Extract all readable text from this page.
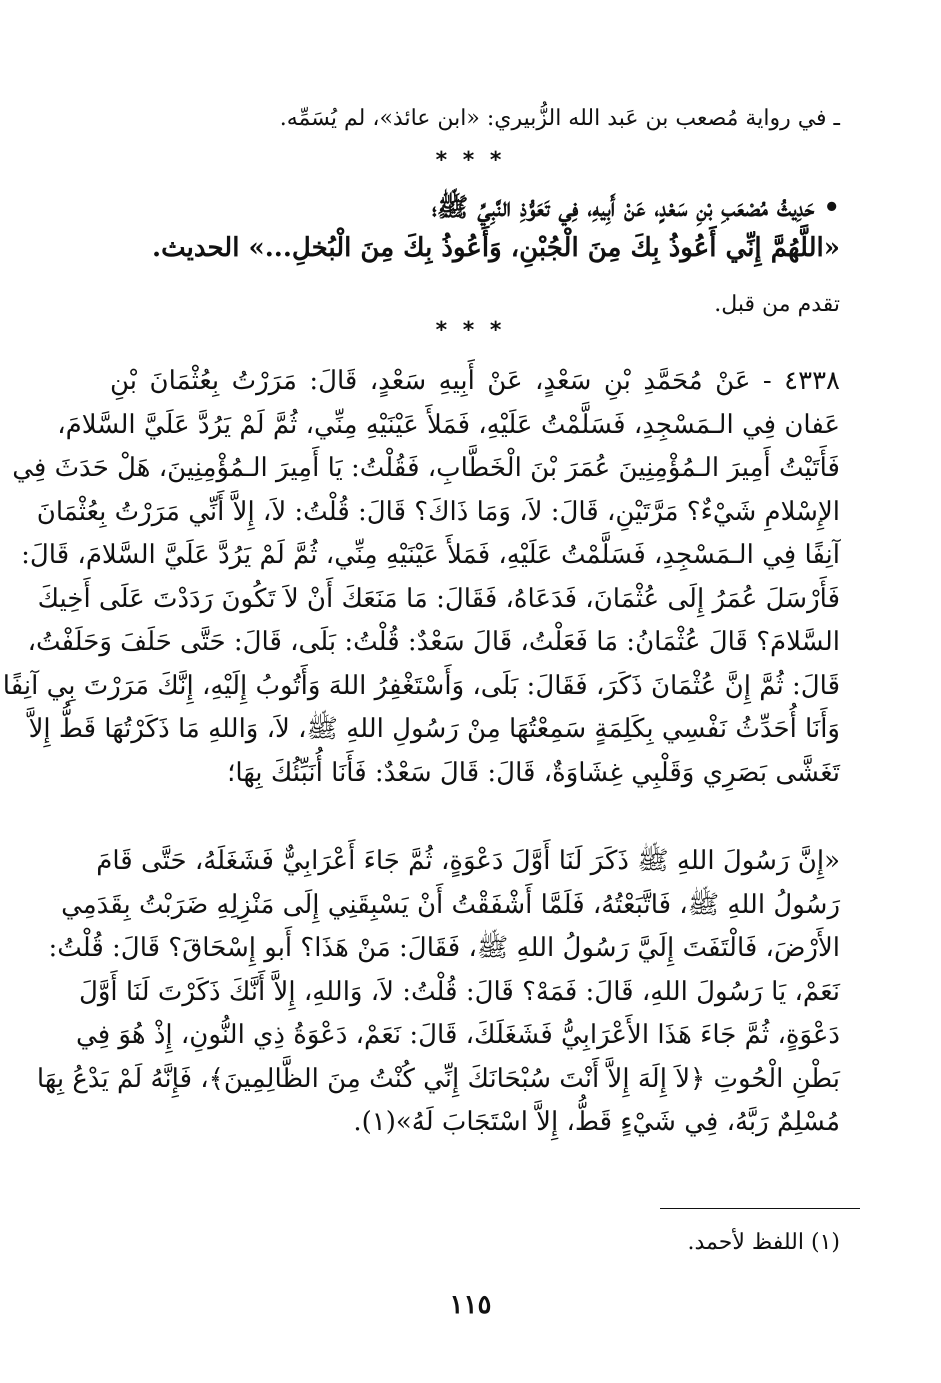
ـ في رواية مُصعب بن عَبد الله الزُّبيري: «ابن عائذ»، لم يُسَمِّه.
* * *
• حَدِيثُ مُصْعَبِ بْنِ سَعْدٍ، عَنْ أَبِيهِ، فِي تَعَوُّذِ النَّبِيِّ ﷺ؛
«اللَّهُمَّ إِنِّي أَعُوذُ بِكَ مِنَ الْجُبْنِ، وَأَعُوذُ بِكَ مِنَ الْبُخلِ...» الحديث.
تقدم من قبل.
* * *
٤٣٣٨ - عَنْ مُحَمَّدِ بْنِ سَعْدٍ، عَنْ أَبِيهِ سَعْدٍ، قَالَ: مَرَرْتُ بِعُثْمَانَ بْنِ
عَفان فِي الـمَسْجِدِ، فَسَلَّمْتُ عَلَيْهِ، فَمَلأَ عَيْنَيْهِ مِنِّي، ثُمَّ لَمْ يَرُدَّ عَلَيَّ السَّلامَ،
فَأَتَيْتُ أَمِيرَ الـمُؤْمِنِينَ عُمَرَ بْنَ الْخَطَّابِ، فَقُلْتُ: يَا أَمِيرَ الـمُؤْمِنِينَ، هَلْ حَدَثَ فِي
الإِسْلامِ شَيْءٌ؟ مَرَّتَيْنِ، قَالَ: لاَ، وَمَا ذَاكَ؟ قَالَ: قُلْتُ: لاَ، إِلاَّ أَنِّي مَرَرْتُ بِعُثْمَانَ
آنِفًا فِي الـمَسْجِدِ، فَسَلَّمْتُ عَلَيْهِ، فَمَلأَ عَيْنَيْهِ مِنِّي، ثُمَّ لَمْ يَرُدَّ عَلَيَّ السَّلامَ، قَالَ:
فَأَرْسَلَ عُمَرُ إِلَى عُثْمَانَ، فَدَعَاهُ، فَقَالَ: مَا مَنَعَكَ أَنْ لاَ تَكُونَ رَدَدْتَ عَلَى أَخِيكَ
السَّلامَ؟ قَالَ عُثْمَانُ: مَا فَعَلْتُ، قَالَ سَعْدٌ: قُلْتُ: بَلَى، قَالَ: حَتَّى حَلَفَ وَحَلَفْتُ،
قَالَ: ثُمَّ إِنَّ عُثْمَانَ ذَكَرَ، فَقَالَ: بَلَى، وَأَسْتَغْفِرُ اللهَ وَأَتُوبُ إِلَيْهِ، إِنَّكَ مَرَرْتَ بِي آنِفًا
وَأَنَا أُحَدِّثُ نَفْسِي بِكَلِمَةٍ سَمِعْتُهَا مِنْ رَسُولِ اللهِ ﷺ، لاَ، وَاللهِ مَا ذَكَرْتُهَا قَطُّ إِلاَّ
تَغَشَّى بَصَرِي وَقَلْبِي غِشَاوَةٌ، قَالَ: قَالَ سَعْدٌ: فَأَنَا أُنَبِّئُكَ بِهَا؛
«إِنَّ رَسُولَ اللهِ ﷺ ذَكَرَ لَنَا أَوَّلَ دَعْوَةٍ، ثُمَّ جَاءَ أَعْرَابِيٌّ فَشَغَلَهُ، حَتَّى قَامَ
رَسُولُ اللهِ ﷺ، فَاتَّبَعْتُهُ، فَلَمَّا أَشْفَقْتُ أَنْ يَسْبِقَنِي إِلَى مَنْزِلِهِ ضَرَبْتُ بِقَدَمِي
الأَرْضَ، فَالْتَفَتَ إِلَيَّ رَسُولُ اللهِ ﷺ، فَقَالَ: مَنْ هَذَا؟ أَبو إِسْحَاقَ؟ قَالَ: قُلْتُ:
نَعَمْ، يَا رَسُولَ اللهِ، قَالَ: فَمَهْ؟ قَالَ: قُلْتُ: لاَ، وَاللهِ، إِلاَّ أَنَّكَ ذَكَرْتَ لَنَا أَوَّلَ
دَعْوَةٍ، ثُمَّ جَاءَ هَذَا الأَعْرَابِيُّ فَشَغَلَكَ، قَالَ: نَعَمْ، دَعْوَةُ ذِي النُّونِ، إِذْ هُوَ فِي
بَطْنِ الْحُوتِ ﴿لاَ إِلَهَ إِلاَّ أَنْتَ سُبْحَانَكَ إِنِّي كُنْتُ مِنَ الظَّالِمِينَ﴾، فَإِنَّهُ لَمْ يَدْعُ بِهَا
مُسْلِمٌ رَبَّهُ، فِي شَيْءٍ قَطُّ، إِلاَّ اسْتَجَابَ لَهُ»(١).
(١) اللفظ لأحمد.
١١٥
